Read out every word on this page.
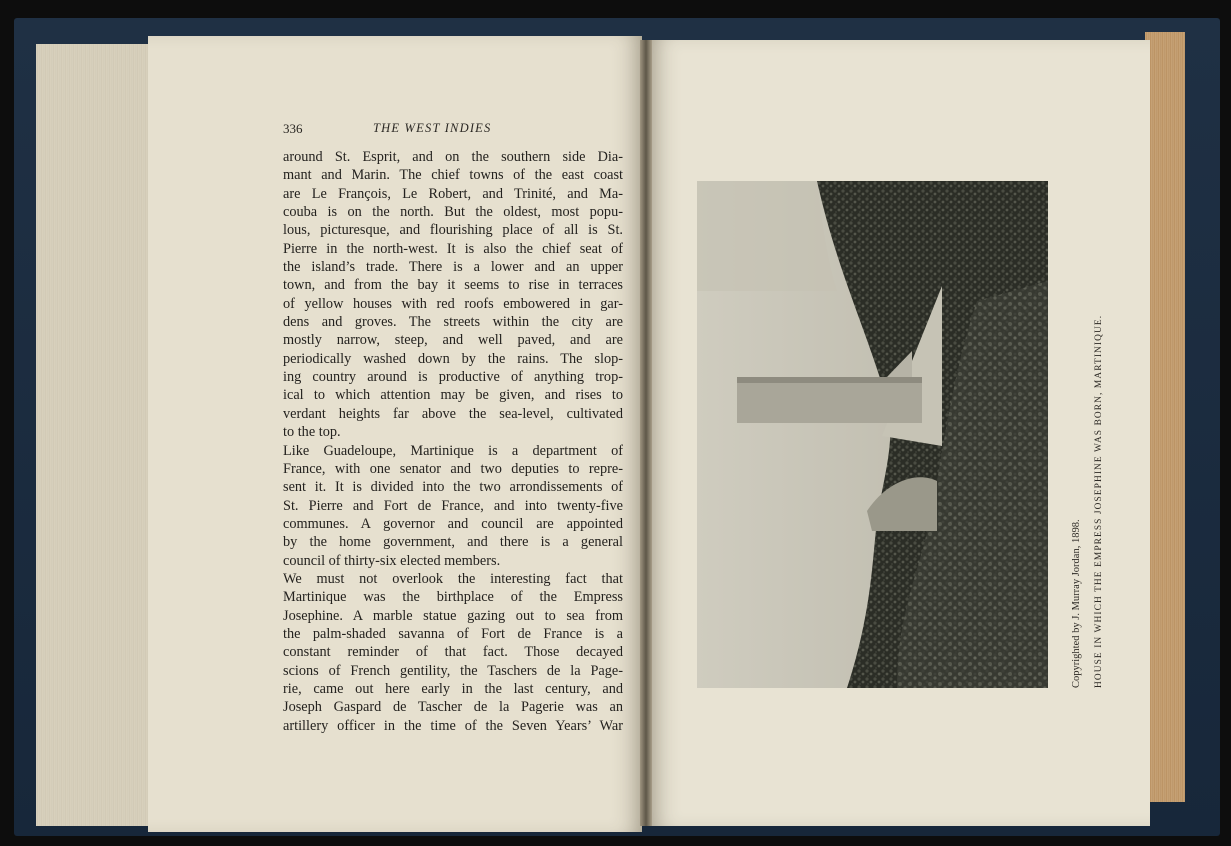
336	THE WEST INDIES
around St. Esprit, and on the southern side Dia-
mant and Marin. The chief towns of the east coast
are Le François, Le Robert, and Trinité, and Ma-
couba is on the north. But the oldest, most popu-
lous, picturesque, and flourishing place of all is St.
Pierre in the north-west. It is also the chief seat of
the island’s trade. There is a lower and an upper
town, and from the bay it seems to rise in terraces
of yellow houses with red roofs embowered in gar-
dens and groves. The streets within the city are
mostly narrow, steep, and well paved, and are
periodically washed down by the rains. The slop-
ing country around is productive of anything trop-
ical to which attention may be given, and rises to
verdant heights far above the sea-level, cultivated
to the top.
Like Guadeloupe, Martinique is a department of
France, with one senator and two deputies to repre-
sent it. It is divided into the two arrondissements of
St. Pierre and Fort de France, and into twenty-five
communes. A governor and council are appointed
by the home government, and there is a general
council of thirty-six elected members.
We must not overlook the interesting fact that
Martinique was the birthplace of the Empress
Josephine. A marble statue gazing out to sea from
the palm-shaded savanna of Fort de France is a
constant reminder of that fact. Those decayed
scions of French gentility, the Taschers de la Page-
rie, came out here early in the last century, and
Joseph Gaspard de Tascher de la Pagerie was an
artillery officer in the time of the Seven Years’ War
Copyrighted by J. Murray Jordan, 1898.	HOUSE IN WHICH THE EMPRESS JOSEPHINE WAS BORN, MARTINIQUE.
